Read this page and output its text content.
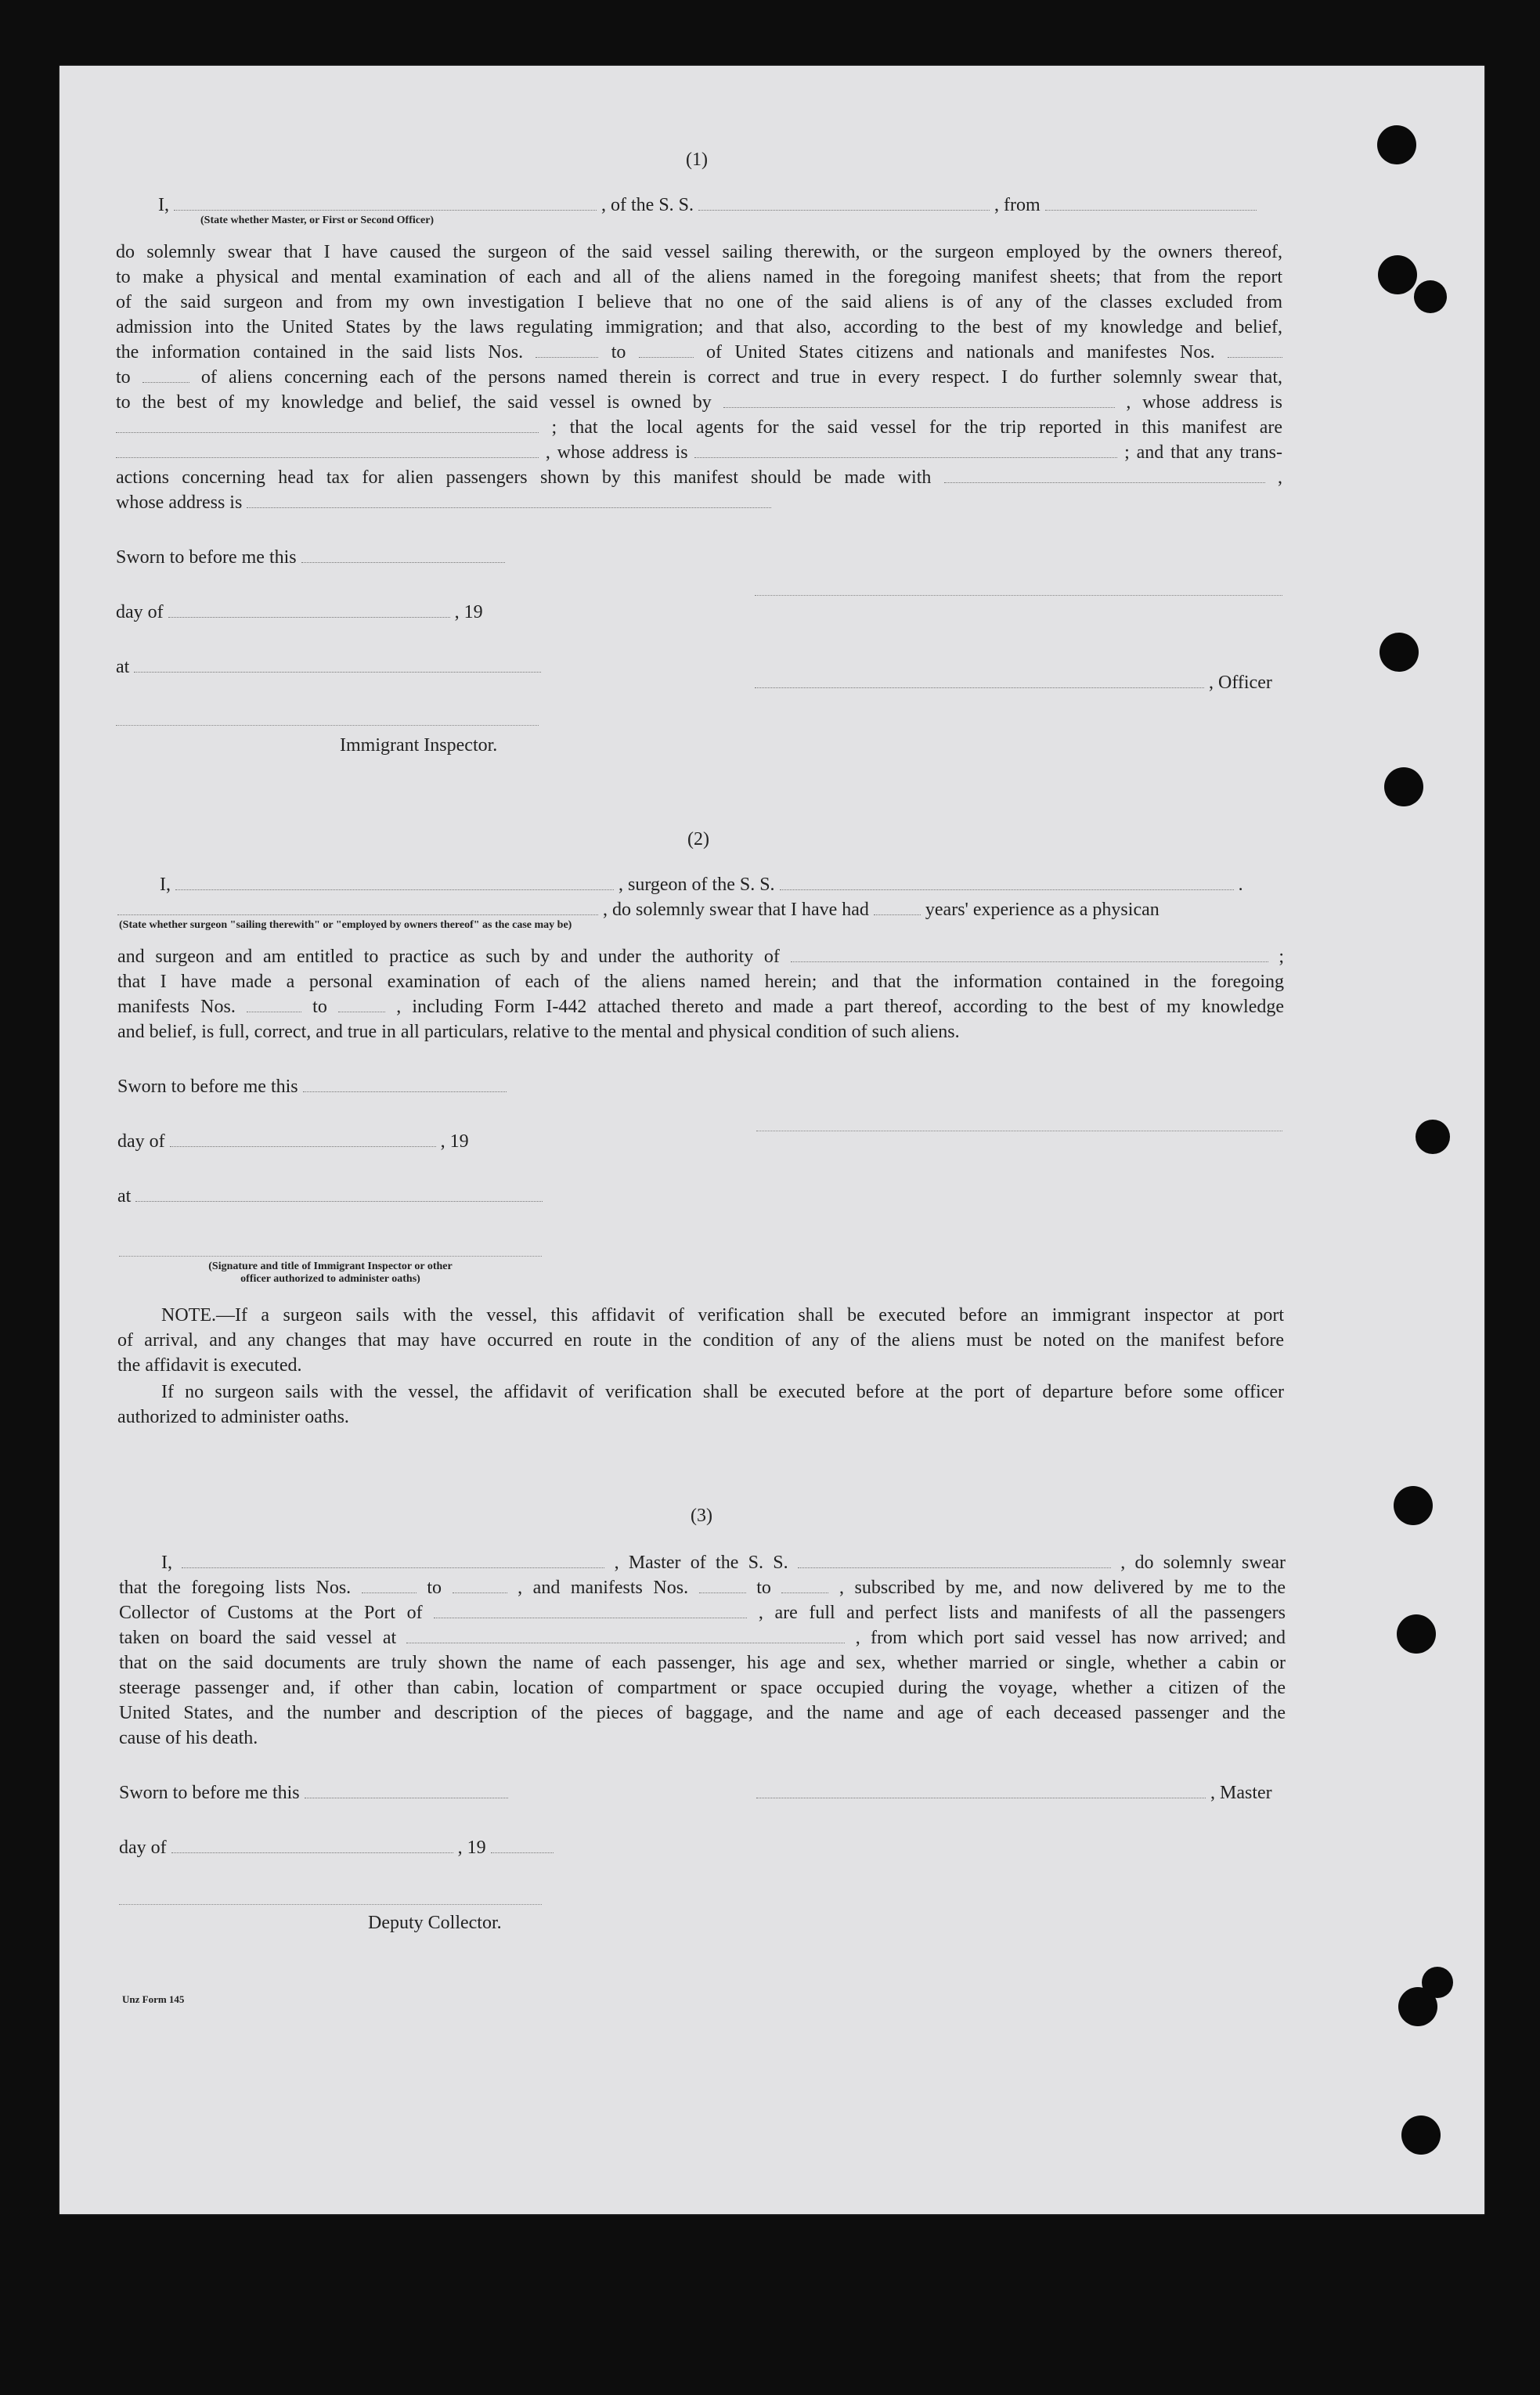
(1)
I,	, of the S. S.	, from
(State whether Master, or First or Second Officer)
do solemnly swear that I have caused the surgeon of the said vessel sailing therewith, or the surgeon employed by the owners thereof,
to make a physical and mental examination of each and all of the aliens named in the foregoing manifest sheets; that from the report
of the said surgeon and from my own investigation I believe that no one of the said aliens is of any of the classes excluded from
admission into the United States by the laws regulating immigration; and that also, according to the best of my knowledge and belief,
the information contained in the said lists Nos.	to	of United States citizens and nationals and manifestes Nos.
to	of aliens concerning each of the persons named therein is correct and true in every respect. I do further solemnly swear that,
to the best of my knowledge and belief, the said vessel is owned by	, whose address is
; that the local agents for the said vessel for the trip reported in this manifest are
, whose address is	; and that any trans-
actions concerning head tax for alien passengers shown by this manifest should be made with	,
whose address is
Sworn to before me this
day of	, 19
at
, Officer
Immigrant Inspector.
(2)
I,	, surgeon of the S. S.	.
, do solemnly swear that I have had	years' experience as a physican
(State whether surgeon "sailing therewith" or "employed by owners thereof" as the case may be)
and surgeon and am entitled to practice as such by and under the authority of	;
that I have made a personal examination of each of the aliens named herein; and that the information contained in the foregoing
manifests Nos.	to	, including Form I-442 attached thereto and made a part thereof, according to the best of my knowledge
and belief, is full, correct, and true in all particulars, relative to the mental and physical condition of such aliens.
Sworn to before me this
day of	, 19
at
(Signature and title of Immigrant Inspector or other
officer authorized to administer oaths)
NOTE.—If a surgeon sails with the vessel, this affidavit of verification shall be executed before an immigrant inspector at port
of arrival, and any changes that may have occurred en route in the condition of any of the aliens must be noted on the manifest before
the affidavit is executed.
If no surgeon sails with the vessel, the affidavit of verification shall be executed before at the port of departure before some officer
authorized to administer oaths.
(3)
I,	, Master of the S. S.	, do solemnly swear
that the foregoing lists Nos.	to	, and manifests Nos.	to	, subscribed by me, and now delivered by me to the
Collector of Customs at the Port of	, are full and perfect lists and manifests of all the passengers
taken on board the said vessel at	, from which port said vessel has now arrived; and
that on the said documents are truly shown the name of each passenger, his age and sex, whether married or single, whether a cabin or
steerage passenger and, if other than cabin, location of compartment or space occupied during the voyage, whether a citizen of the
United States, and the number and description of the pieces of baggage, and the name and age of each deceased passenger and the
cause of his death.
Sworn to before me this	, Master
day of	, 19
Deputy Collector.
Unz Form 145
